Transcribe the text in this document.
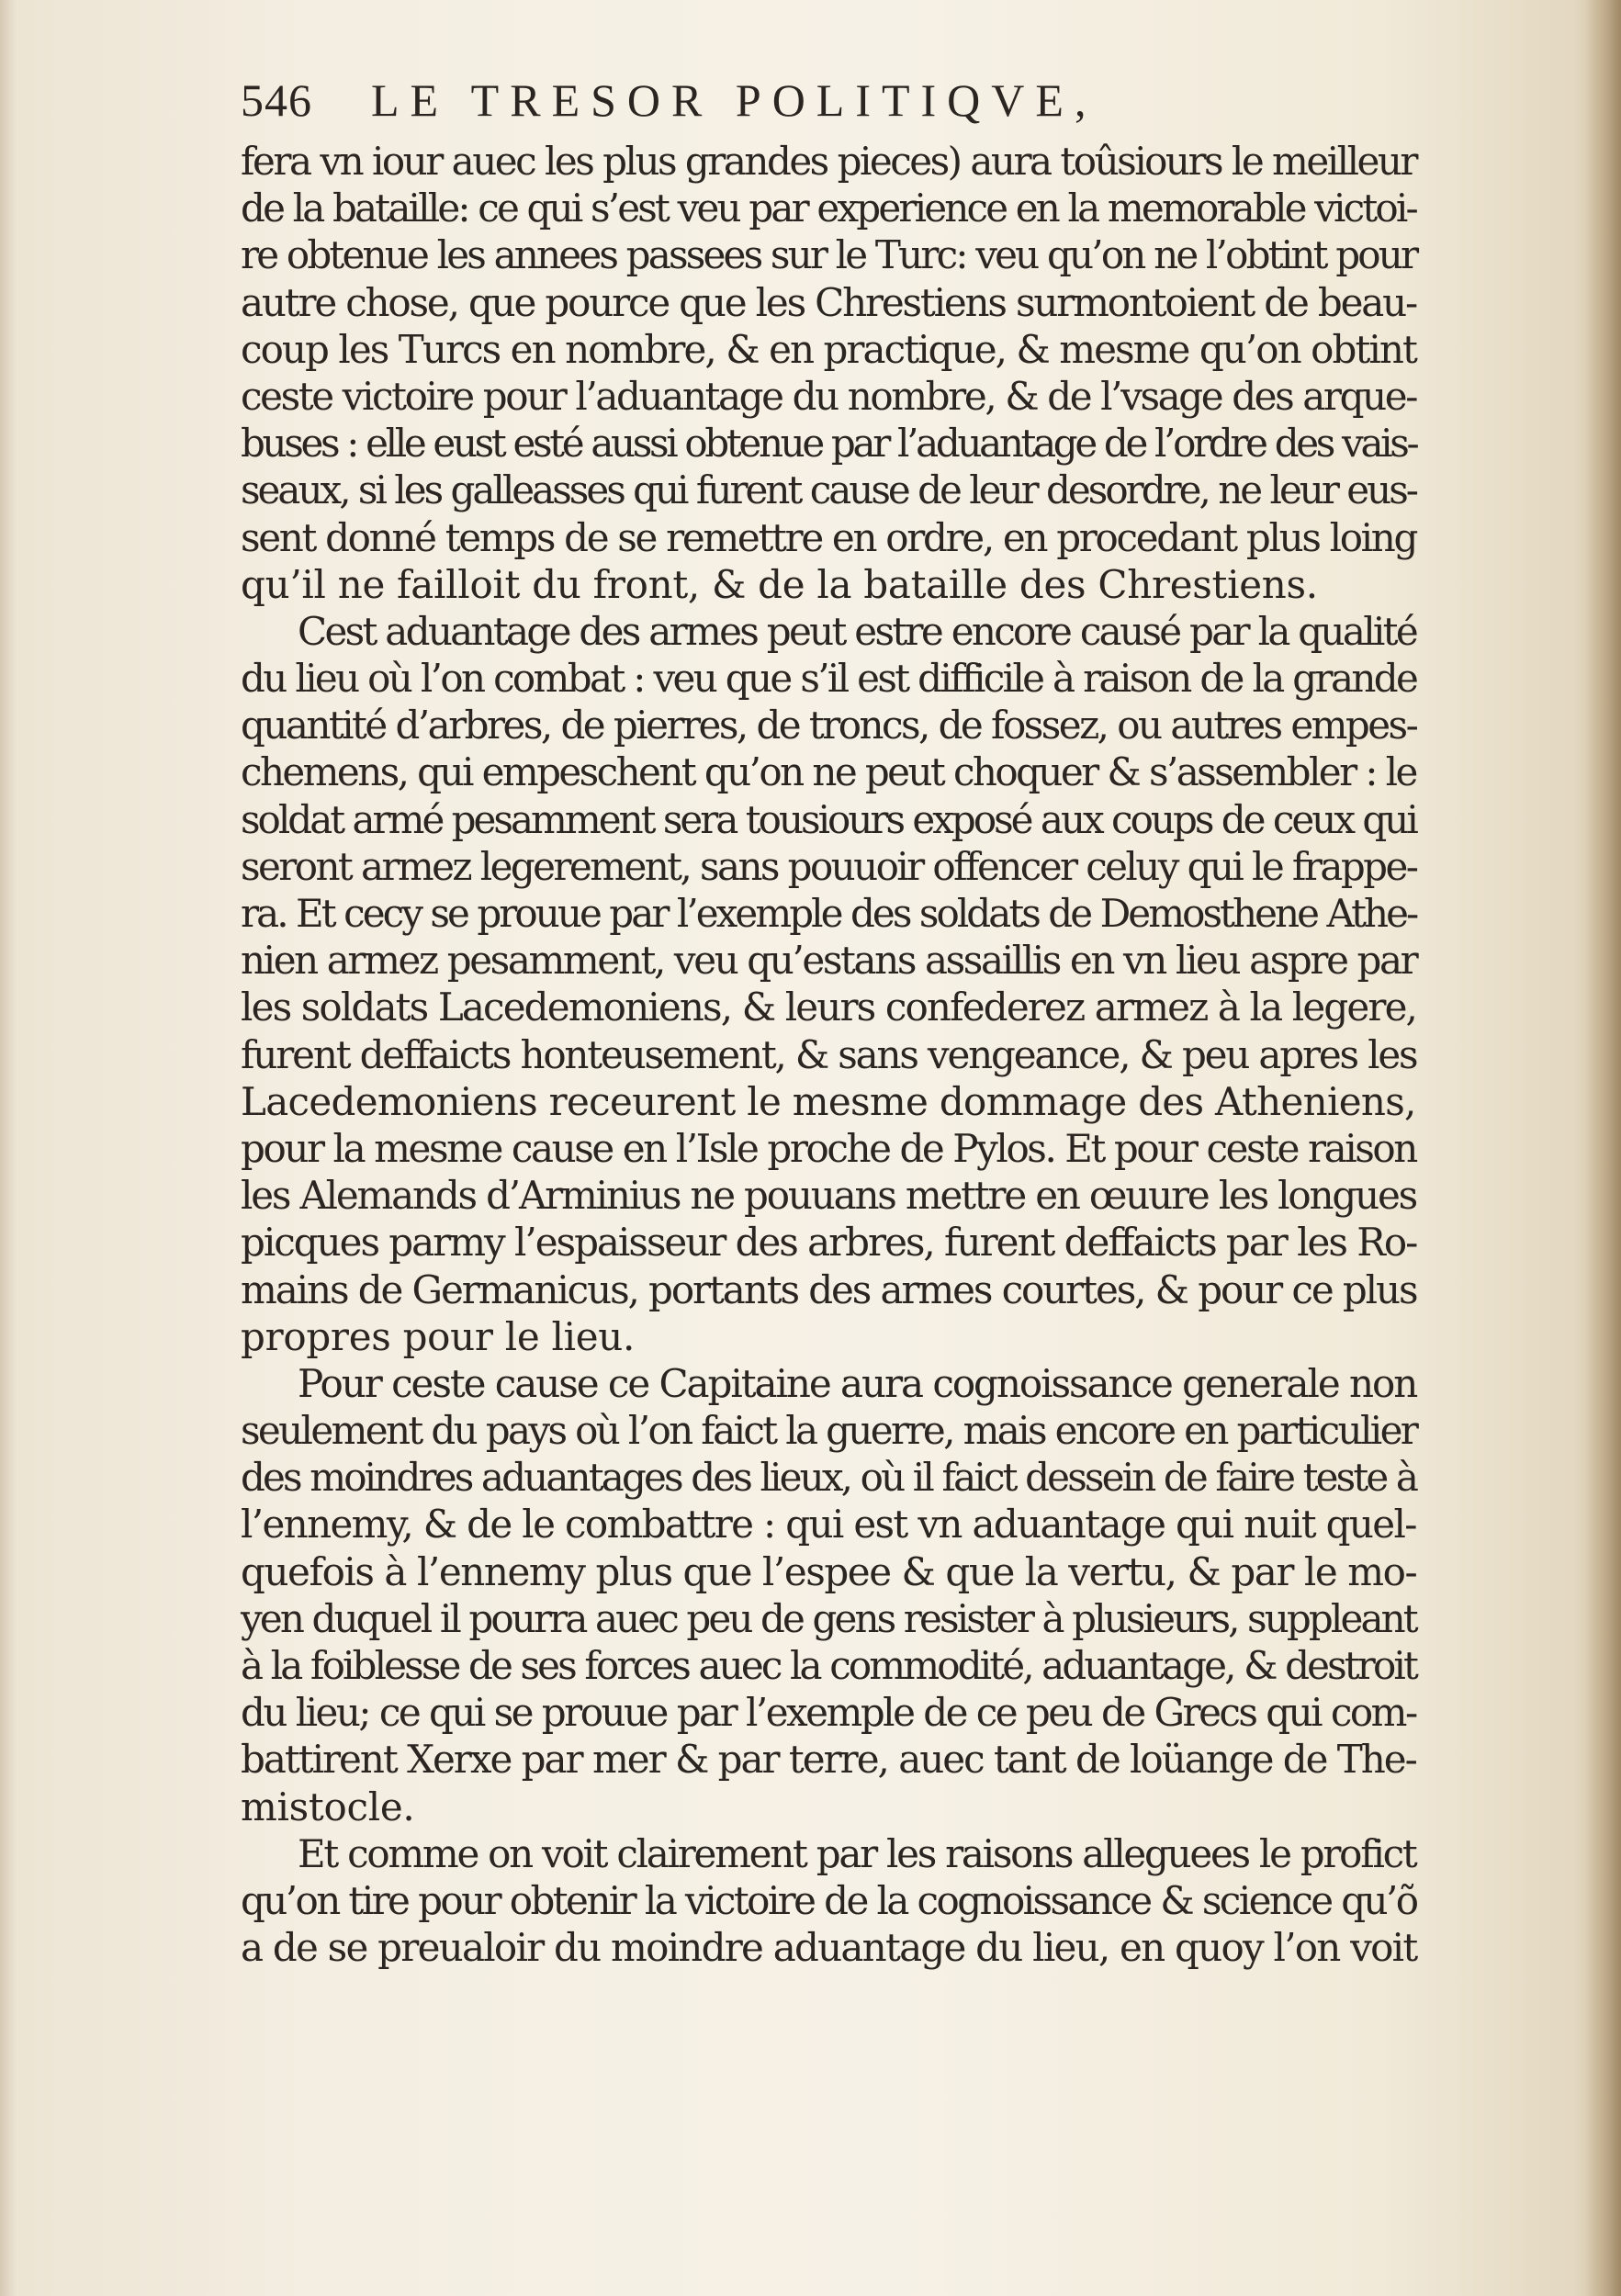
546	LE TRESOR POLITIQVE,
fera vn iour auec les plus grandes pieces) aura toûsiours le meilleur
de la bataille: ce qui s’est veu par experience en la memorable victoi-
re obtenue les annees passees sur le Turc: veu qu’on ne l’obtint pour
autre chose, que pource que les Chrestiens surmontoient de beau-
coup les Turcs en nombre, & en practique, & mesme qu’on obtint
ceste victoire pour l’aduantage du nombre, & de l’vsage des arque-
buses : elle eust esté aussi obtenue par l’aduantage de l’ordre des vais-
seaux, si les galleasses qui furent cause de leur desordre, ne leur eus-
sent donné temps de se remettre en ordre, en procedant plus loing
qu’il ne failloit du front, & de la bataille des Chrestiens.
Cest aduantage des armes peut estre encore causé par la qualité
du lieu où l’on combat : veu que s’il est difficile à raison de la grande
quantité d’arbres, de pierres, de troncs, de fossez, ou autres empes-
chemens, qui empeschent qu’on ne peut choquer & s’assembler : le
soldat armé pesamment sera tousiours exposé aux coups de ceux qui
seront armez legerement, sans pouuoir offencer celuy qui le frappe-
ra. Et cecy se prouue par l’exemple des soldats de Demosthene Athe-
nien armez pesamment, veu qu’estans assaillis en vn lieu aspre par
les soldats Lacedemoniens, & leurs confederez armez à la legere,
furent deffaicts honteusement, & sans vengeance, & peu apres les
Lacedemoniens receurent le mesme dommage des Atheniens,
pour la mesme cause en l’Isle proche de Pylos. Et pour ceste raison
les Alemands d’Arminius ne pouuans mettre en œuure les longues
picques parmy l’espaisseur des arbres, furent deffaicts par les Ro-
mains de Germanicus, portants des armes courtes, & pour ce plus
propres pour le lieu.
Pour ceste cause ce Capitaine aura cognoissance generale non
seulement du pays où l’on faict la guerre, mais encore en particulier
des moindres aduantages des lieux, où il faict dessein de faire teste à
l’ennemy, & de le combattre : qui est vn aduantage qui nuit quel-
quefois à l’ennemy plus que l’espee & que la vertu, & par le mo-
yen duquel il pourra auec peu de gens resister à plusieurs, suppleant
à la foiblesse de ses forces auec la commodité, aduantage, & destroit
du lieu; ce qui se prouue par l’exemple de ce peu de Grecs qui com-
battirent Xerxe par mer & par terre, auec tant de loüange de The-
mistocle.
Et comme on voit clairement par les raisons alleguees le profict
qu’on tire pour obtenir la victoire de la cognoissance & science qu’õ
a de se preualoir du moindre aduantage du lieu, en quoy l’on voit
